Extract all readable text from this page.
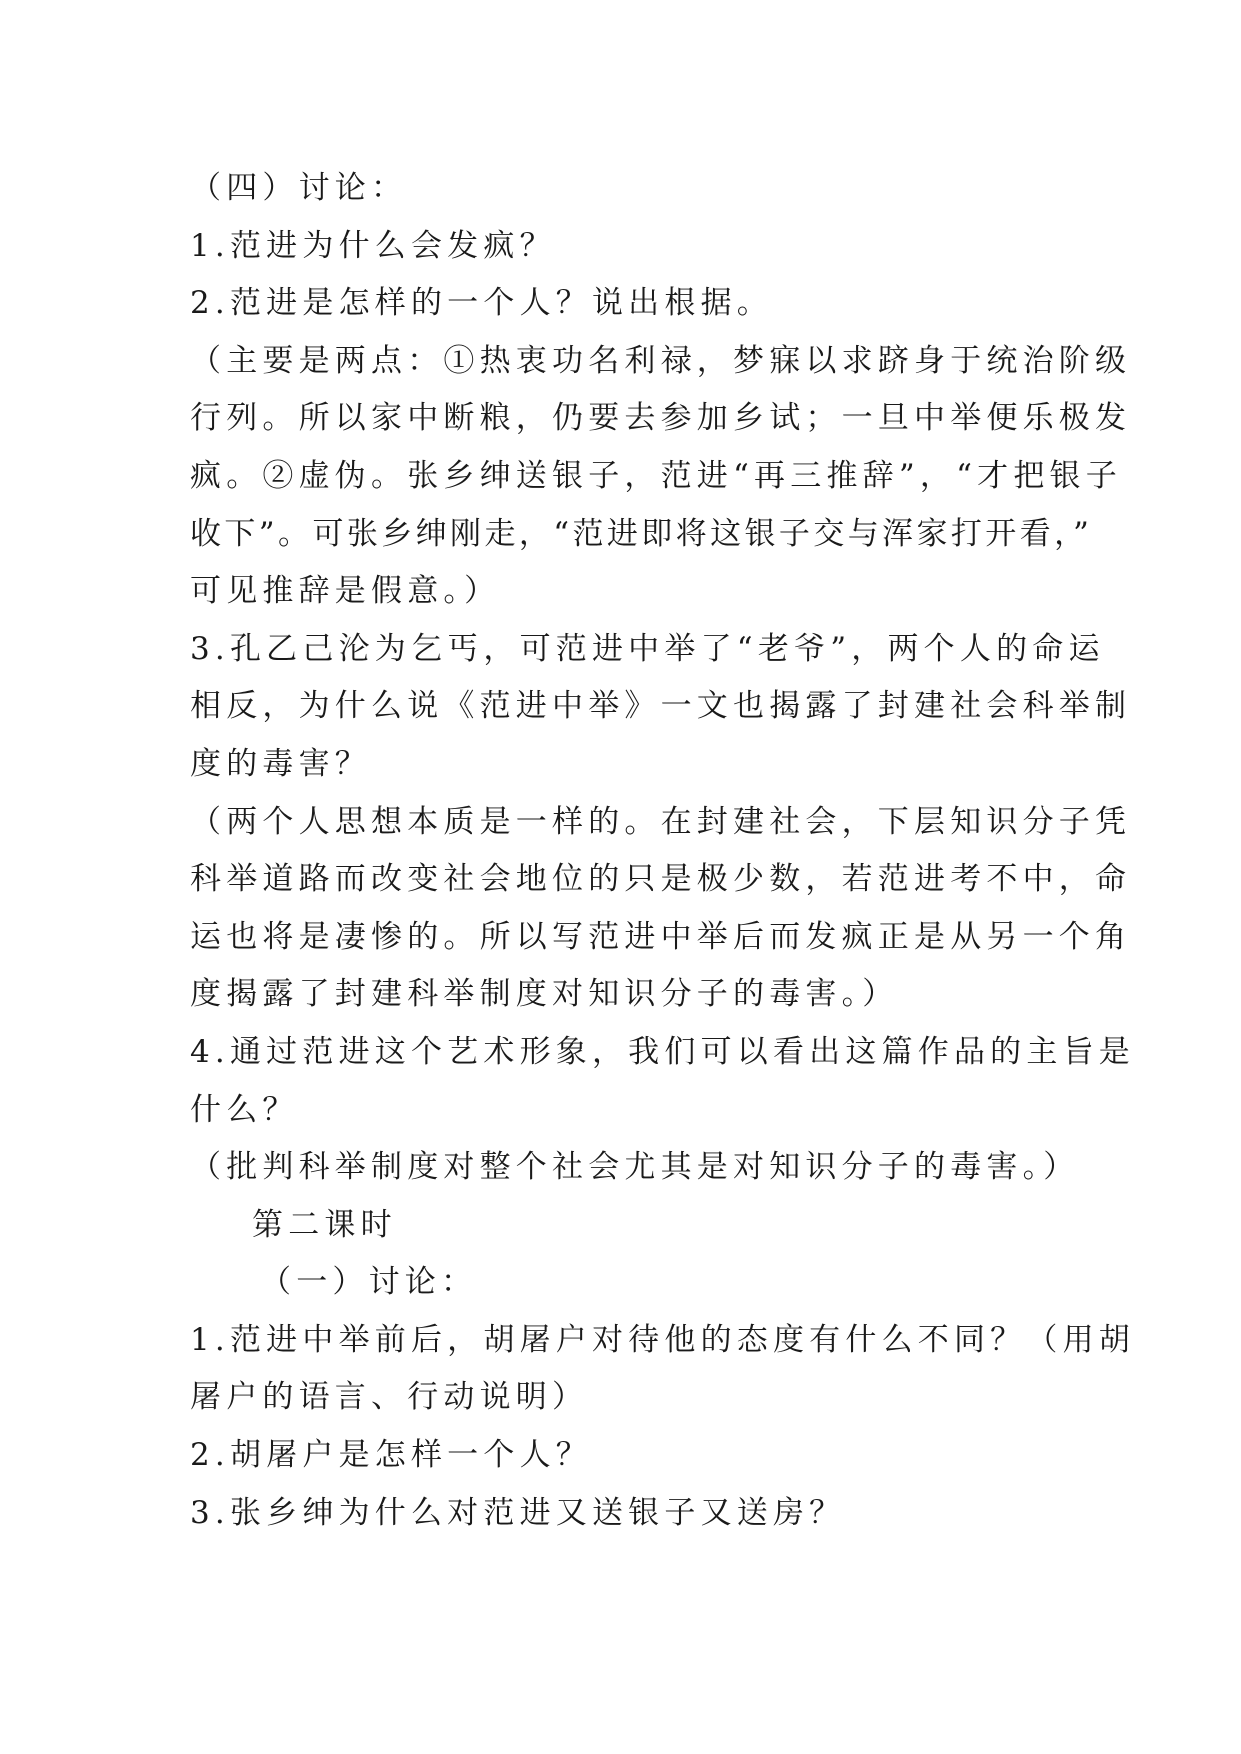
（四）讨论：

1.范进为什么会发疯？

2.范进是怎样的一个人？说出根据。

（主要是两点：①热衷功名利禄，梦寐以求跻身于统治阶级

行列。所以家中断粮，仍要去参加乡试；一旦中举便乐极发

疯。②虚伪。张乡绅送银子，范进“再三推辞”，“才把银子

收下”。可张乡绅刚走，“范进即将这银子交与浑家打开看，”

可见推辞是假意。）

3.孔乙己沦为乞丐，可范进中举了“老爷”，两个人的命运

相反，为什么说《范进中举》一文也揭露了封建社会科举制

度的毒害？

（两个人思想本质是一样的。在封建社会，下层知识分子凭

科举道路而改变社会地位的只是极少数，若范进考不中，命

运也将是凄惨的。所以写范进中举后而发疯正是从另一个角

度揭露了封建科举制度对知识分子的毒害。）

4.通过范进这个艺术形象，我们可以看出这篇作品的主旨是

什么？

（批判科举制度对整个社会尤其是对知识分子的毒害。）

第二课时

（一）讨论：

1.范进中举前后，胡屠户对待他的态度有什么不同？（用胡

屠户的语言、行动说明）

2.胡屠户是怎样一个人？

3.张乡绅为什么对范进又送银子又送房？
